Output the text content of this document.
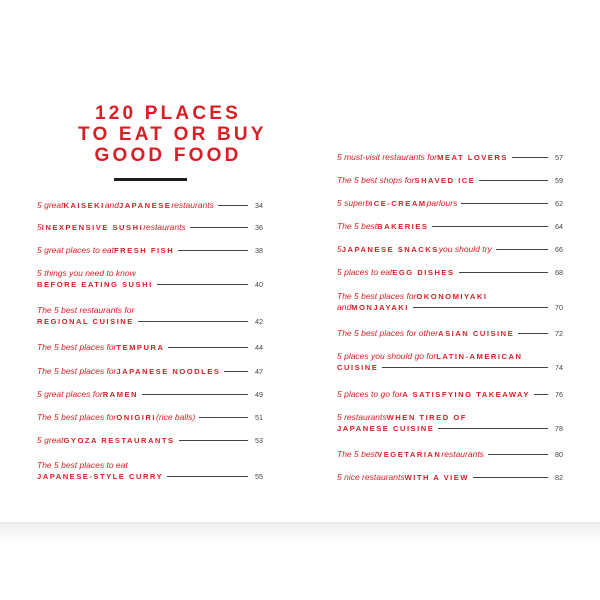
120 PLACES
TO EAT OR BUY
GOOD FOOD
5 great KAISEKI and JAPANESE restaurants	34
5 INEXPENSIVE SUSHI restaurants	36
5 great places to eat FRESH FISH	38
5 things you need to know
BEFORE EATING SUSHI	40
The 5 best restaurants for
REGIONAL CUISINE	42
The 5 best places for TEMPURA	44
The 5 best places for JAPANESE NOODLES	47
5 great places for RAMEN	49
The 5 best places for ONIGIRI (rice balls)	51
5 great GYOZA RESTAURANTS	53
The 5 best places to eat
JAPANESE-STYLE CURRY	55
5 must-visit restaurants for MEAT LOVERS	57
The 5 best shops for SHAVED ICE	59
5 superb ICE-CREAM parlours	62
The 5 best BAKERIES	64
5 JAPANESE SNACKS you should try	66
5 places to eat EGG DISHES	68
The 5 best places for OKONOMIYAKI
and MONJAYAKI	70
The 5 best places for other ASIAN CUISINE	72
5 places you should go for LATIN-AMERICAN
CUISINE	74
5 places to go for A SATISFYING TAKEAWAY	76
5 restaurants WHEN TIRED OF
JAPANESE CUISINE	78
The 5 best VEGETARIAN restaurants	80
5 nice restaurants WITH A VIEW	82
